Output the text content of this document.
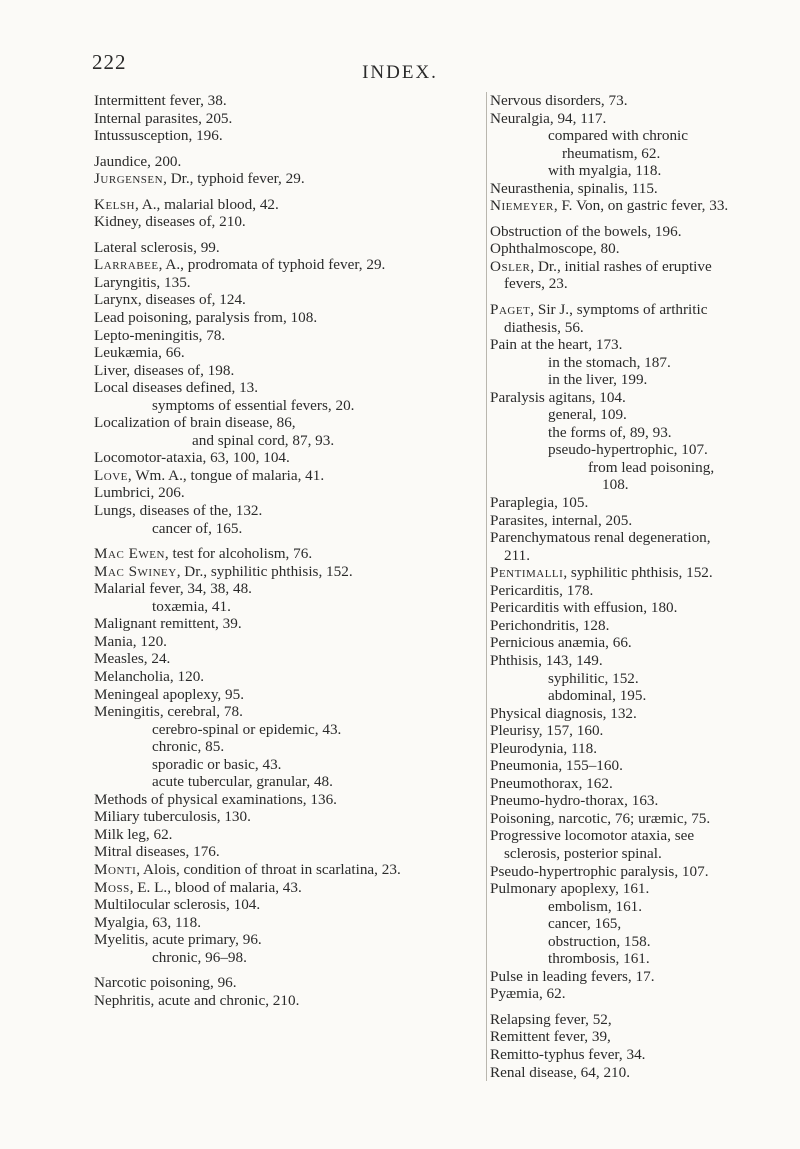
222	INDEX.
Intermittent fever, 38.
Internal parasites, 205.
Intussusception, 196.
Jaundice, 200.
Jurgensen, Dr., typhoid fever, 29.
Kelsh, A., malarial blood, 42.
Kidney, diseases of, 210.
Lateral sclerosis, 99.
Larrabee, A., prodromata of typhoid fever, 29.
Laryngitis, 135.
Larynx, diseases of, 124.
Lead poisoning, paralysis from, 108.
Lepto-meningitis, 78.
Leukæmia, 66.
Liver, diseases of, 198.
Local diseases defined, 13.
symptoms of essential fevers, 20.
Localization of brain disease, 86,
and spinal cord, 87, 93.
Locomotor-ataxia, 63, 100, 104.
Love, Wm. A., tongue of malaria, 41.
Lumbrici, 206.
Lungs, diseases of the, 132.
cancer of, 165.
Mac Ewen, test for alcoholism, 76.
Mac Swiney, Dr., syphilitic phthisis, 152.
Malarial fever, 34, 38, 48.
toxæmia, 41.
Malignant remittent, 39.
Mania, 120.
Measles, 24.
Melancholia, 120.
Meningeal apoplexy, 95.
Meningitis, cerebral, 78.
cerebro-spinal or epidemic, 43.
chronic, 85.
sporadic or basic, 43.
acute tubercular, granular, 48.
Methods of physical examinations, 136.
Miliary tuberculosis, 130.
Milk leg, 62.
Mitral diseases, 176.
Monti, Alois, condition of throat in scarlatina, 23.
Moss, E. L., blood of malaria, 43.
Multilocular sclerosis, 104.
Myalgia, 63, 118.
Myelitis, acute primary, 96.
chronic, 96–98.
Narcotic poisoning, 96.
Nephritis, acute and chronic, 210.
Nervous disorders, 73.
Neuralgia, 94, 117.
compared with chronic rheumatism, 62.
with myalgia, 118.
Neurasthenia, spinalis, 115.
Niemeyer, F. Von, on gastric fever, 33.
Obstruction of the bowels, 196.
Ophthalmoscope, 80.
Osler, Dr., initial rashes of eruptive fevers, 23.
Paget, Sir J., symptoms of arthritic diathesis, 56.
Pain at the heart, 173.
in the stomach, 187.
in the liver, 199.
Paralysis agitans, 104.
general, 109.
the forms of, 89, 93.
pseudo-hypertrophic, 107.
from lead poisoning, 108.
Paraplegia, 105.
Parasites, internal, 205.
Parenchymatous renal degeneration, 211.
Pentimalli, syphilitic phthisis, 152.
Pericarditis, 178.
Pericarditis with effusion, 180.
Perichondritis, 128.
Pernicious anæmia, 66.
Phthisis, 143, 149.
syphilitic, 152.
abdominal, 195.
Physical diagnosis, 132.
Pleurisy, 157, 160.
Pleurodynia, 118.
Pneumonia, 155–160.
Pneumothorax, 162.
Pneumo-hydro-thorax, 163.
Poisoning, narcotic, 76; uræmic, 75.
Progressive locomotor ataxia, see sclerosis, posterior spinal.
Pseudo-hypertrophic paralysis, 107.
Pulmonary apoplexy, 161.
embolism, 161.
cancer, 165,
obstruction, 158.
thrombosis, 161.
Pulse in leading fevers, 17.
Pyæmia, 62.
Relapsing fever, 52,
Remittent fever, 39,
Remitto-typhus fever, 34.
Renal disease, 64, 210.
